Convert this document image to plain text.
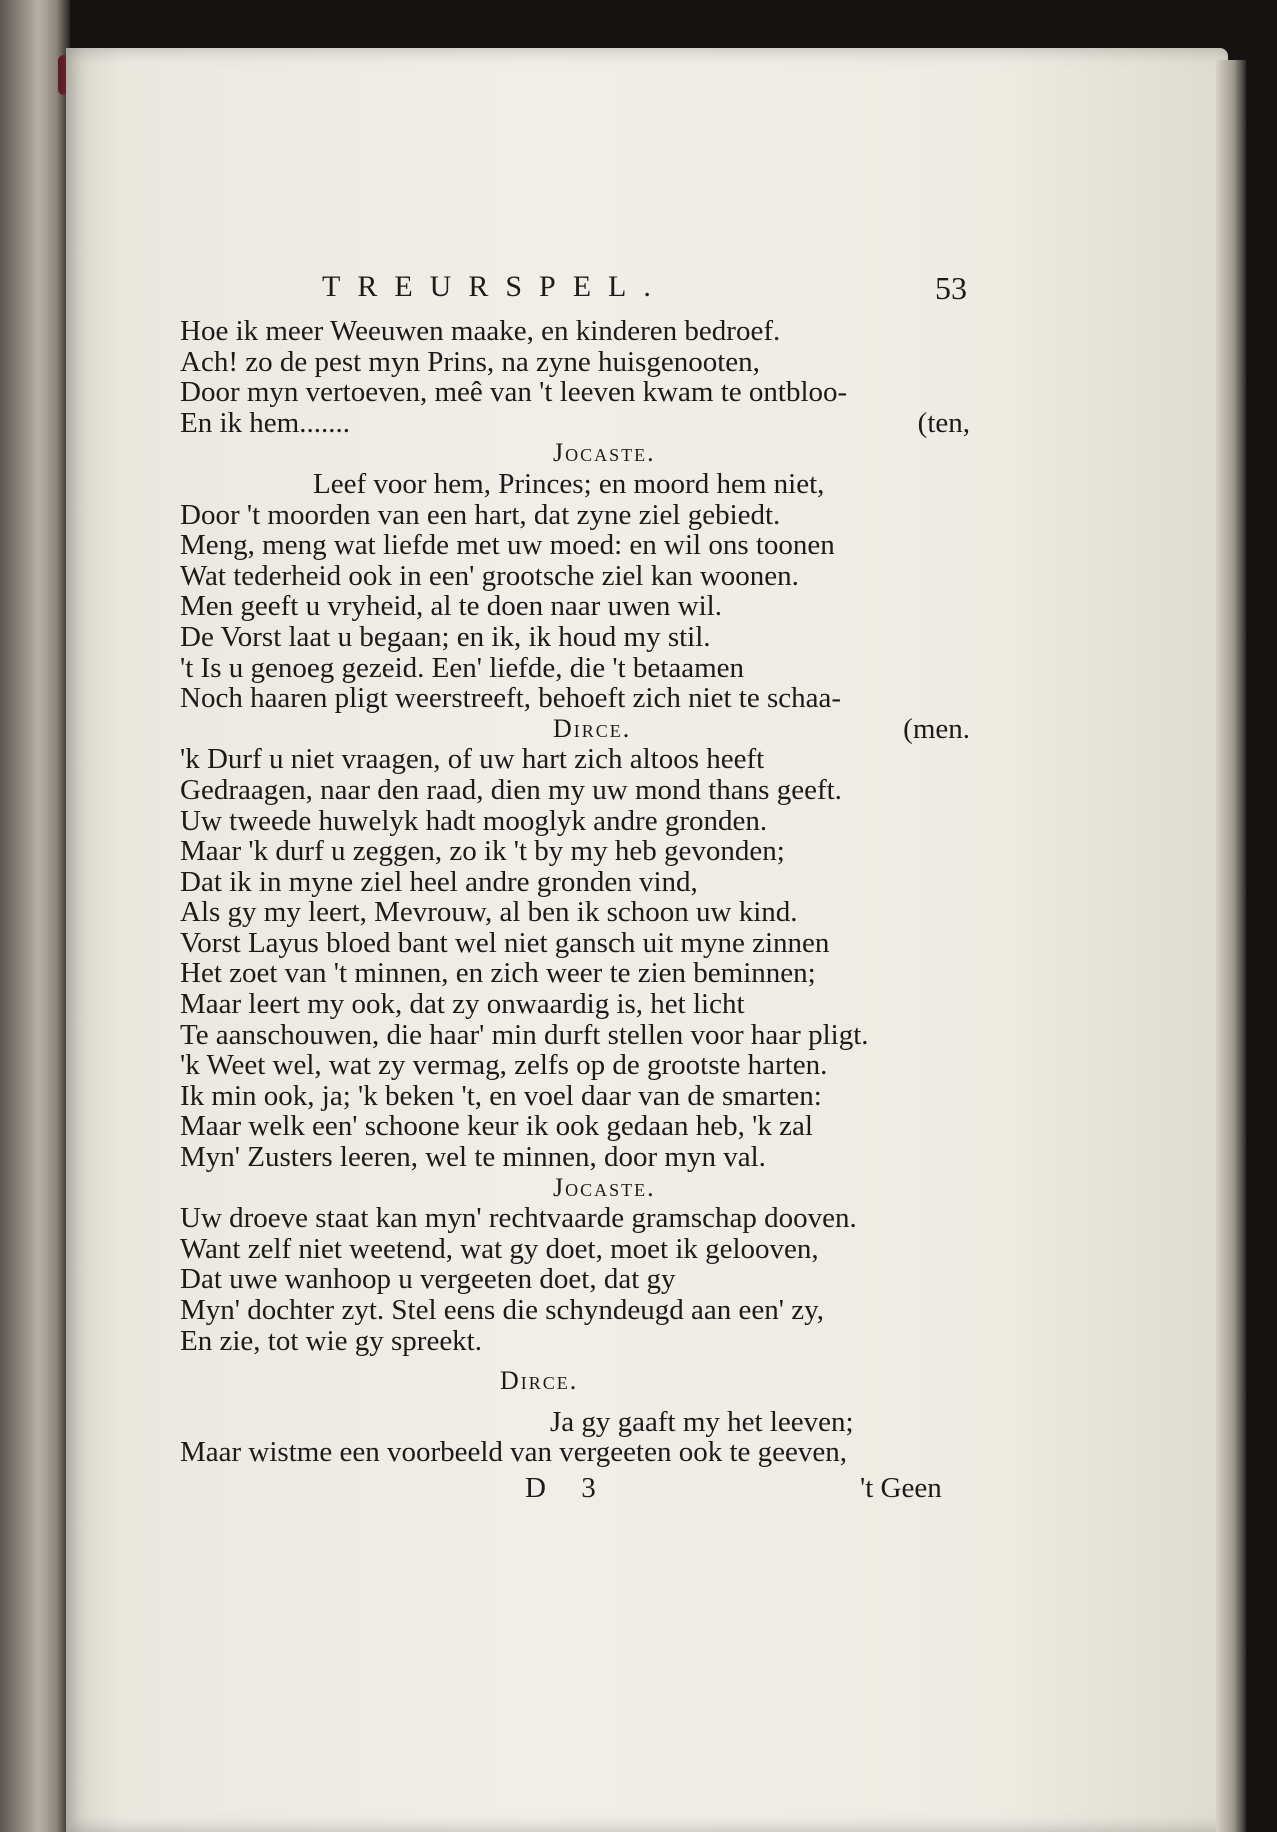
TREURSPEL.	53
Hoe ik meer Weeuwen maake, en kinderen bedroef.
Ach! zo de pest myn Prins, na zyne huisgenooten,
Door myn vertoeven, meê van 't leeven kwam te ontbloo-
En ik hem.......	(ten,
Jocaste.
Leef voor hem, Princes; en moord hem niet,
Door 't moorden van een hart, dat zyne ziel gebiedt.
Meng, meng wat liefde met uw moed: en wil ons toonen
Wat tederheid ook in een' grootsche ziel kan woonen.
Men geeft u vryheid, al te doen naar uwen wil.
De Vorst laat u begaan; en ik, ik houd my stil.
't Is u genoeg gezeid. Een' liefde, die 't betaamen
Noch haaren pligt weerstreeft, behoeft zich niet te schaa-
Dirce.	(men.
'k Durf u niet vraagen, of uw hart zich altoos heeft
Gedraagen, naar den raad, dien my uw mond thans geeft.
Uw tweede huwelyk hadt mooglyk andre gronden.
Maar 'k durf u zeggen, zo ik 't by my heb gevonden;
Dat ik in myne ziel heel andre gronden vind,
Als gy my leert, Mevrouw, al ben ik schoon uw kind.
Vorst Layus bloed bant wel niet gansch uit myne zinnen
Het zoet van 't minnen, en zich weer te zien beminnen;
Maar leert my ook, dat zy onwaardig is, het licht
Te aanschouwen, die haar' min durft stellen voor haar pligt.
'k Weet wel, wat zy vermag, zelfs op de grootste harten.
Ik min ook, ja; 'k beken 't, en voel daar van de smarten:
Maar welk een' schoone keur ik ook gedaan heb, 'k zal
Myn' Zusters leeren, wel te minnen, door myn val.
Jocaste.
Uw droeve staat kan myn' rechtvaarde gramschap dooven.
Want zelf niet weetend, wat gy doet, moet ik gelooven,
Dat uwe wanhoop u vergeeten doet, dat gy
Myn' dochter zyt. Stel eens die schyndeugd aan een' zy,
En zie, tot wie gy spreekt.
Dirce.
Ja gy gaaft my het leeven;
Maar wistme een voorbeeld van vergeeten ook te geeven,
D 3	't Geen
